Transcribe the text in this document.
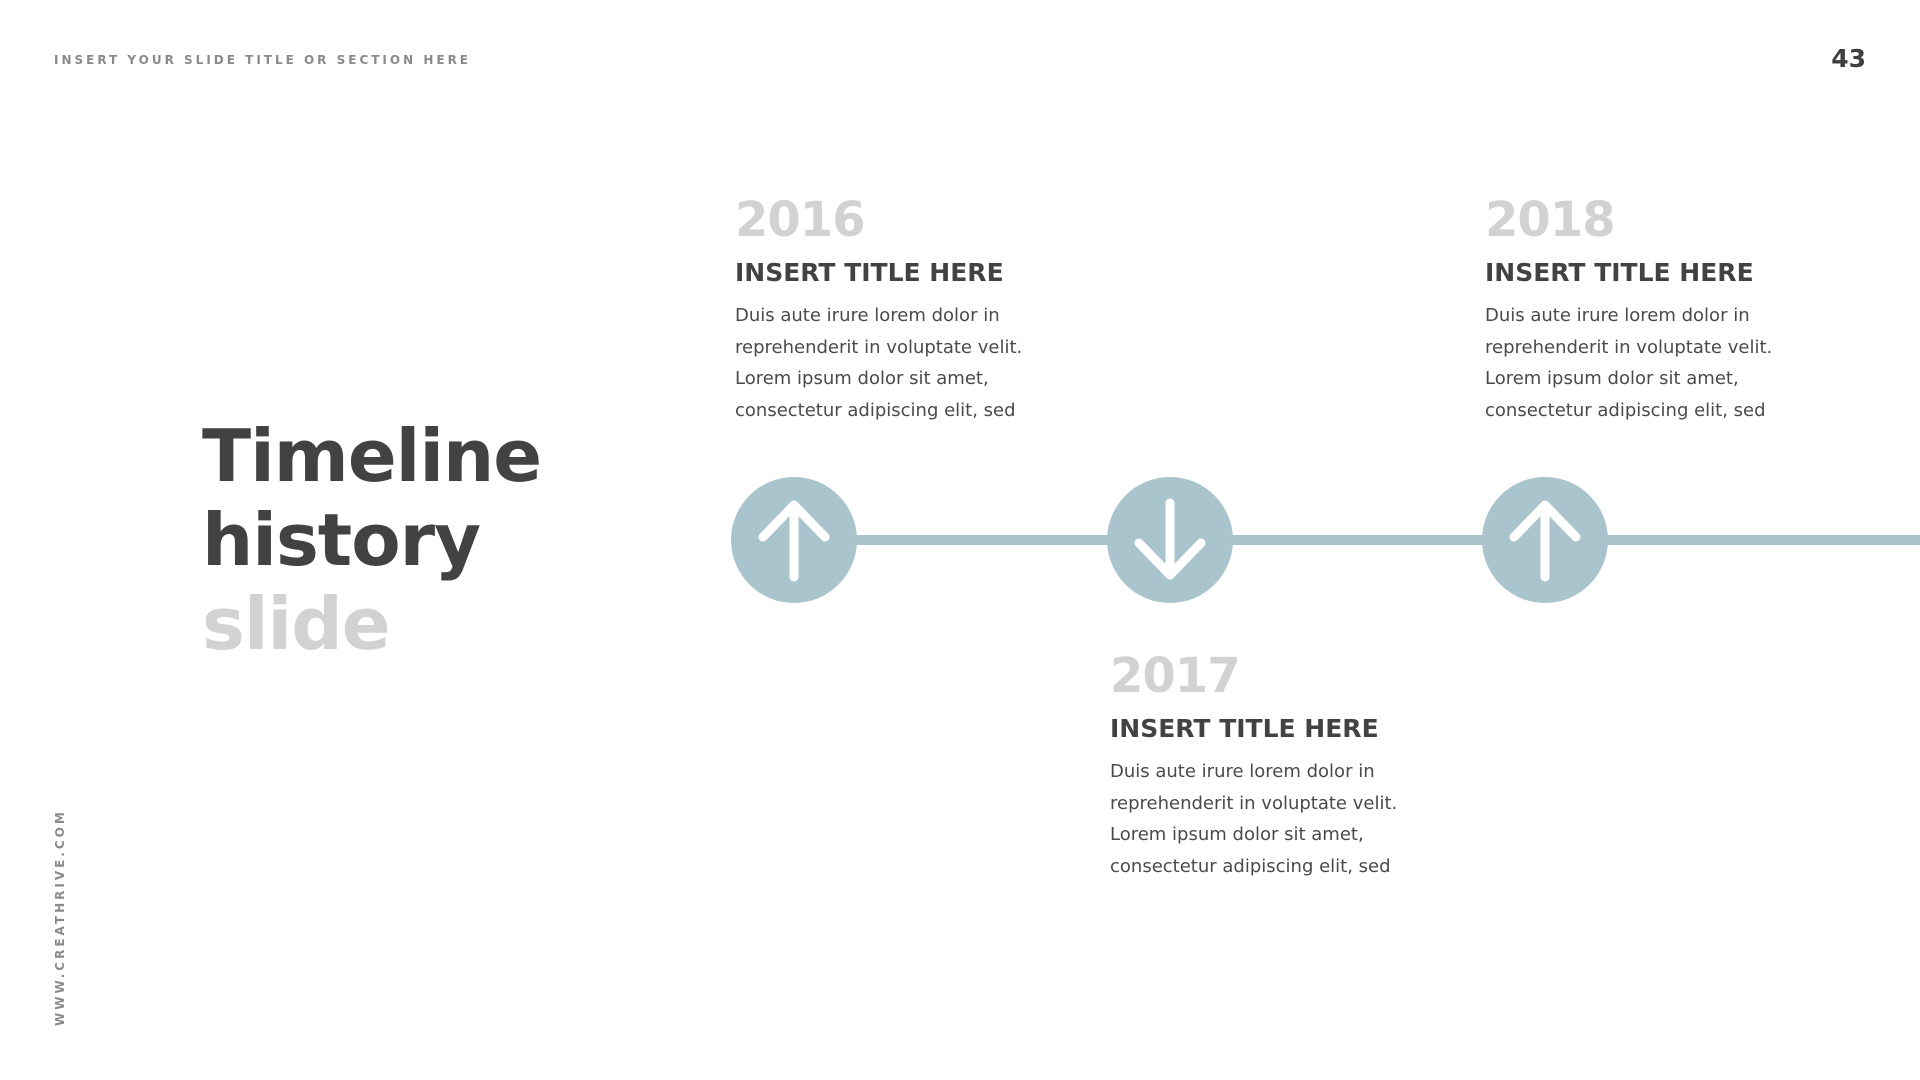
INSERT YOUR SLIDE TITLE OR SECTION HERE	43
WWW.CREATHRIVE.COM
Timeline
history
slide
2016
INSERT TITLE HERE
Duis aute irure lorem dolor in
reprehenderit in voluptate velit.
Lorem ipsum dolor sit amet,
consectetur adipiscing elit, sed
2017
INSERT TITLE HERE
Duis aute irure lorem dolor in
reprehenderit in voluptate velit.
Lorem ipsum dolor sit amet,
consectetur adipiscing elit, sed
2018
INSERT TITLE HERE
Duis aute irure lorem dolor in
reprehenderit in voluptate velit.
Lorem ipsum dolor sit amet,
consectetur adipiscing elit, sed
